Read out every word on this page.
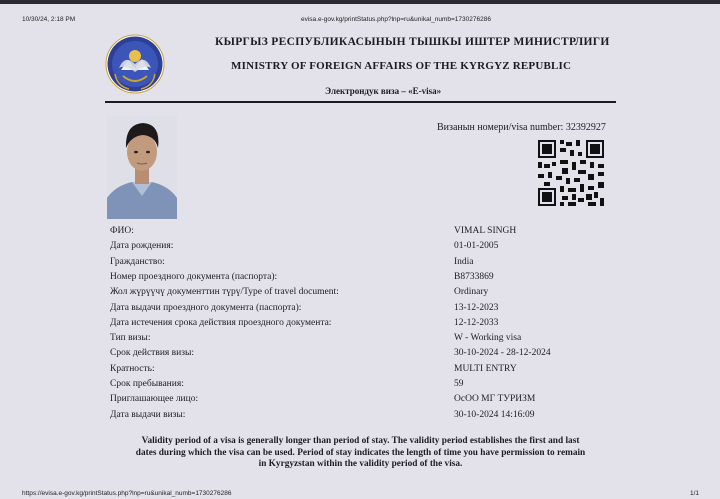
10/30/24, 2:18 PM	evisa.e-gov.kg/printStatus.php?lnp=ru&unikal_numb=1730276286
КЫРГЫЗ РЕСПУБЛИКАСЫНЫН ТЫШКЫ ИШТЕР МИНИСТРЛИГИ
MINISTRY OF FOREIGN AFFAIRS OF THE KYRGYZ REPUBLIC
Электрондук виза – «E-visa»
Визанын номери/visa number: 32392927
ФИО:	VIMAL SINGH
Дата рождения:	01-01-2005
Гражданство:	India
Номер проездного документа (паспорта):	B8733869
Жол жүрүүчү документтин түрү/Type of travel document:	Ordinary
Дата выдачи проездного документа (паспорта):	13-12-2023
Дата истечения срока действия проездного документа:	12-12-2033
Тип визы:	W - Working visa
Срок действия визы:	30-10-2024 - 28-12-2024
Кратность:	MULTI ENTRY
Срок пребывания:	59
Приглашающее лицо:	ОсОО МГ ТУРИЗМ
Дата выдачи визы:	30-10-2024 14:16:09
Validity period of a visa is generally longer than period of stay. The validity period establishes the first and last
dates during which the visa can be used. Period of stay indicates the length of time you have permission to remain
in Kyrgyzstan within the validity period of the visa.
https://evisa.e-gov.kg/printStatus.php?lnp=ru&unikal_numb=1730276286	1/1
